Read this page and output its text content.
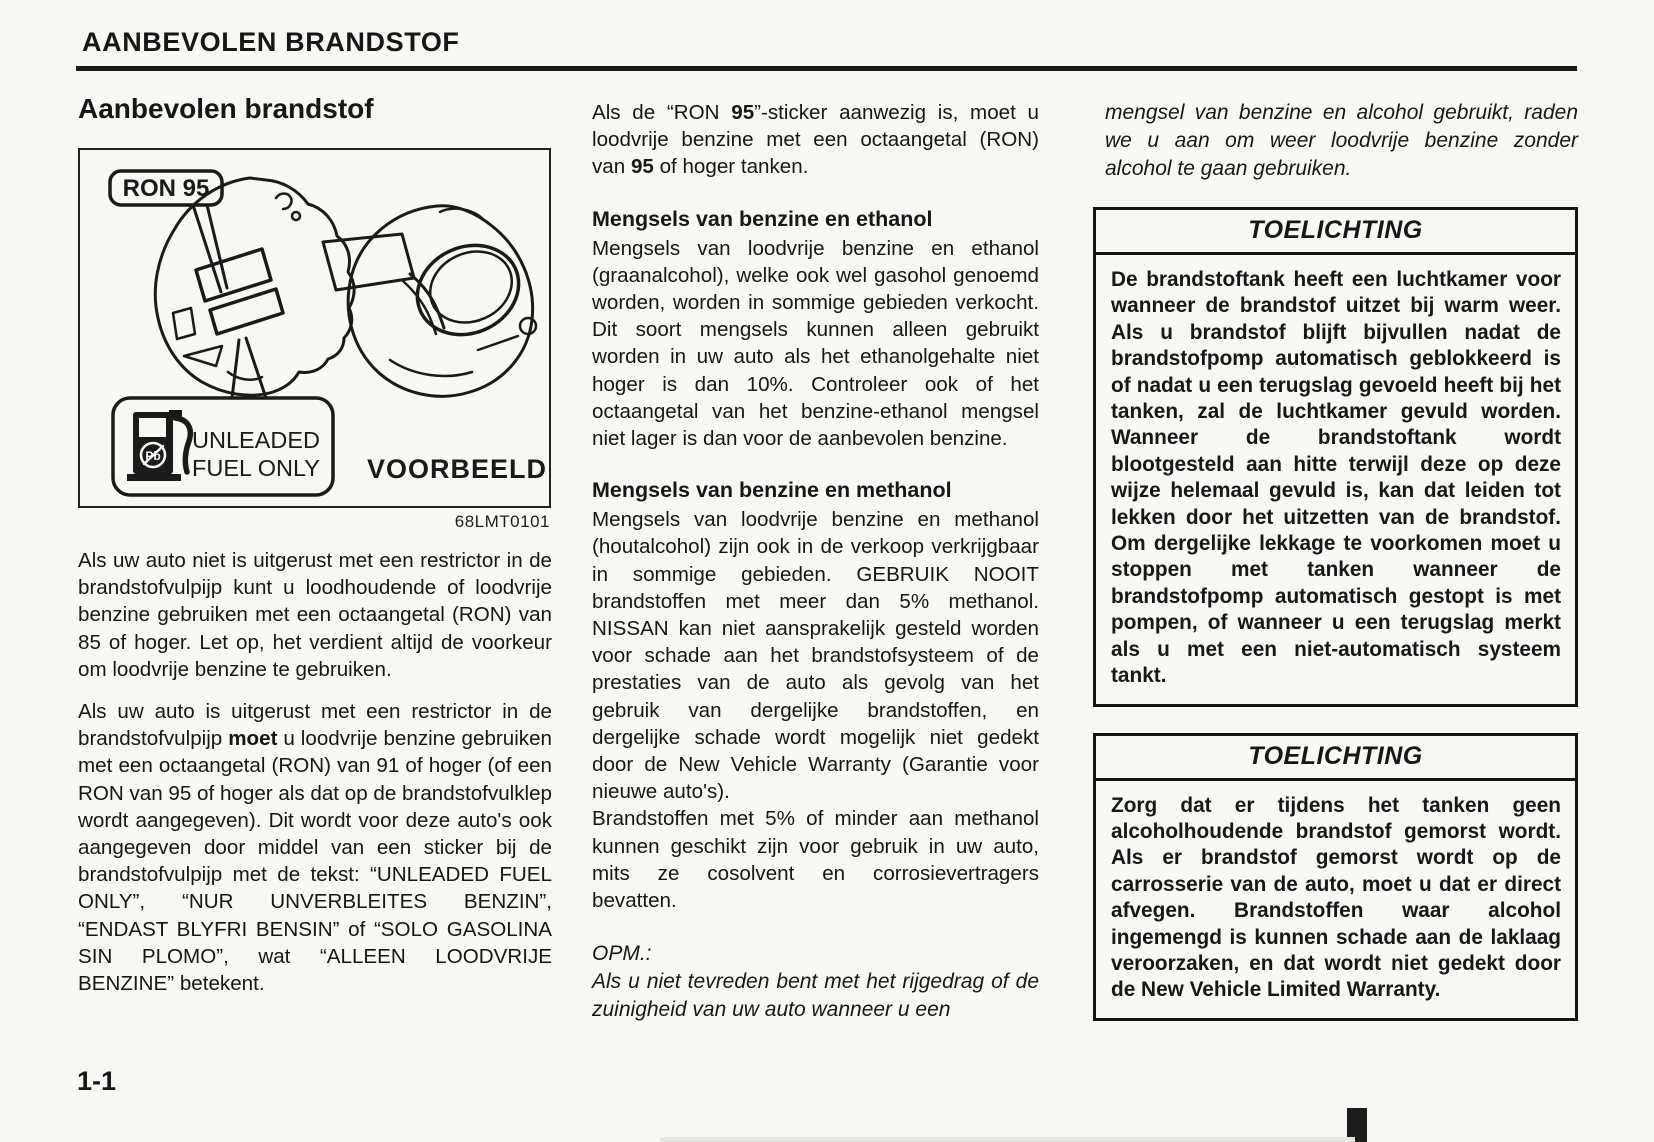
AANBEVOLEN BRANDSTOF
Aanbevolen brandstof
RON 95
Pb
UNLEADED
FUEL ONLY VOORBEELD
68LMT0101

Als uw auto niet is uitgerust met een restrictor in de brandstofvulpijp kunt u loodhoudende of loodvrije benzine gebruiken met een octaangetal (RON) van 85 of hoger. Let op, het verdient altijd de voorkeur om loodvrije benzine te gebruiken.

Als uw auto is uitgerust met een restrictor in de brandstofvulpijp moet u loodvrije benzine gebruiken met een octaangetal (RON) van 91 of hoger (of een RON van 95 of hoger als dat op de brandstofvulklep wordt aangegeven). Dit wordt voor deze auto's ook aangegeven door middel van een sticker bij de brandstofvulpijp met de tekst: “UNLEADED FUEL ONLY”, “NUR UNVERBLEITES BENZIN”, “ENDAST BLYFRI BENSIN” of “SOLO GASOLINA SIN PLOMO”, wat “ALLEEN LOODVRIJE BENZINE” betekent.

Als de “RON 95”-sticker aanwezig is, moet u loodvrije benzine met een octaangetal (RON) van 95 of hoger tanken.

Mengsels van benzine en ethanol

Mengsels van loodvrije benzine en ethanol (graanalcohol), welke ook wel gasohol genoemd worden, worden in sommige gebieden verkocht. Dit soort mengsels kunnen alleen gebruikt worden in uw auto als het ethanolgehalte niet hoger is dan 10%. Controleer ook of het octaangetal van het benzine-ethanol mengsel niet lager is dan voor de aanbevolen benzine.

Mengsels van benzine en methanol

Mengsels van loodvrije benzine en methanol (houtalcohol) zijn ook in de verkoop verkrijgbaar in sommige gebieden. GEBRUIK NOOIT brandstoffen met meer dan 5% methanol. NISSAN kan niet aansprakelijk gesteld worden voor schade aan het brandstofsysteem of de prestaties van de auto als gevolg van het gebruik van dergelijke brandstoffen, en dergelijke schade wordt mogelijk niet gedekt door de New Vehicle Warranty (Garantie voor nieuwe auto's).

Brandstoffen met 5% of minder aan methanol kunnen geschikt zijn voor gebruik in uw auto, mits ze cosolvent en corrosievertragers bevatten.

OPM.:

Als u niet tevreden bent met het rijgedrag of de zuinigheid van uw auto wanneer u een

mengsel van benzine en alcohol gebruikt, raden we u aan om weer loodvrije benzine zonder alcohol te gaan gebruiken.

TOELICHTING
De brandstoftank heeft een luchtkamer voor wanneer de brandstof uitzet bij warm weer. Als u brandstof blijft bijvullen nadat de brandstofpomp automatisch geblokkeerd is of nadat u een terugslag gevoeld heeft bij het tanken, zal de luchtkamer gevuld worden. Wanneer de brandstoftank wordt blootgesteld aan hitte terwijl deze op deze wijze helemaal gevuld is, kan dat leiden tot lekken door het uitzetten van de brandstof. Om dergelijke lekkage te voorkomen moet u stoppen met tanken wanneer de brandstofpomp automatisch gestopt is met pompen, of wanneer u een terugslag merkt als u met een niet-automatisch systeem tankt.
TOELICHTING
Zorg dat er tijdens het tanken geen alcoholhoudende brandstof gemorst wordt. Als er brandstof gemorst wordt op de carrosserie van de auto, moet u dat er direct afvegen. Brandstoffen waar alcohol ingemengd is kunnen schade aan de laklaag veroorzaken, en dat wordt niet gedekt door de New Vehicle Limited Warranty.
1-1
